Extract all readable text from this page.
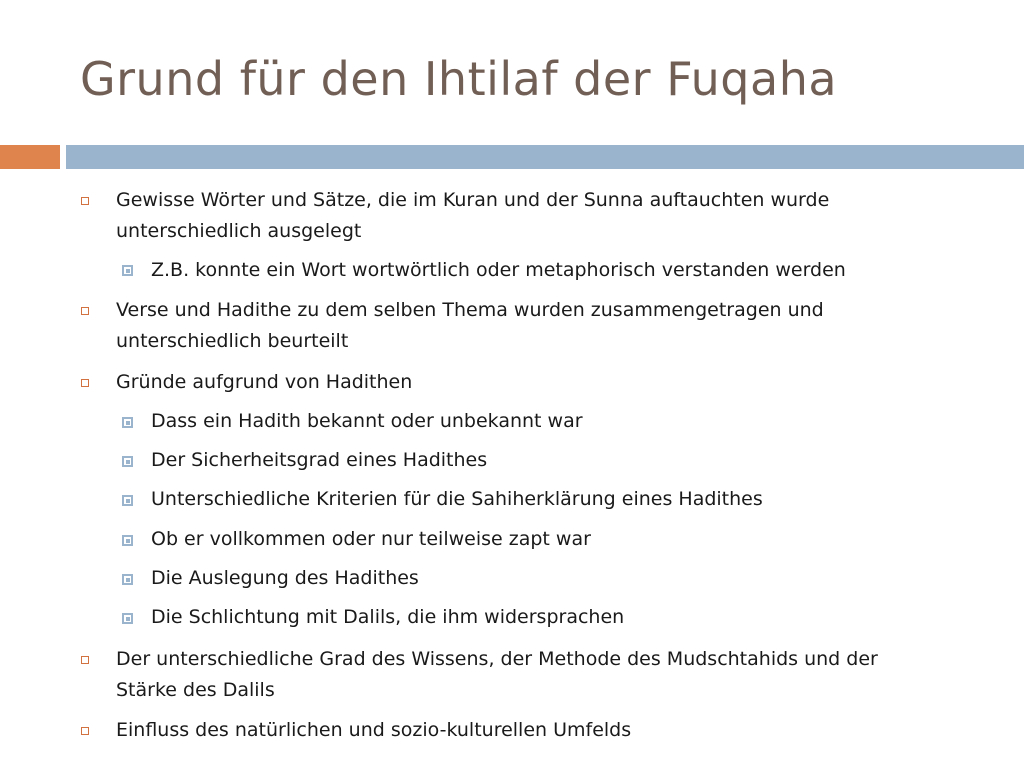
Grund für den Ihtilaf der Fuqaha
Gewisse Wörter und Sätze, die im Kuran und der Sunna auftauchten wurde
unterschiedlich ausgelegt
Z.B. konnte ein Wort wortwörtlich oder metaphorisch verstanden werden
Verse und Hadithe zu dem selben Thema wurden zusammengetragen und
unterschiedlich beurteilt
Gründe aufgrund von Hadithen
Dass ein Hadith bekannt oder unbekannt war
Der Sicherheitsgrad eines Hadithes
Unterschiedliche Kriterien für die Sahiherklärung eines Hadithes
Ob er vollkommen oder nur teilweise zapt war
Die Auslegung des Hadithes
Die Schlichtung mit Dalils, die ihm widersprachen
Der unterschiedliche Grad des Wissens, der Methode des Mudschtahids und der
Stärke des Dalils
Einfluss des natürlichen und sozio-kulturellen Umfelds
